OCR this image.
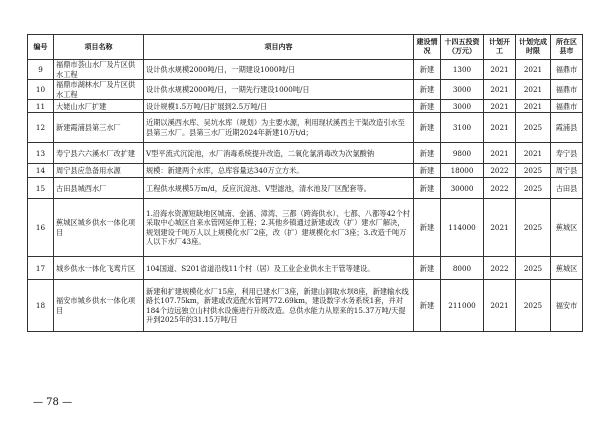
编号	项目名称	项目内容	建设情况	十四五投资（万元）	计划开工	计划完成时限	所在区县市
9	福鼎市荟山水厂及片区供水工程	设计供水规模2000吨/日，一期建设1000吨/日	新建	1300	2021	2021	福鼎市
10	福鼎市湖林水厂及片区供水工程	设计供水规模2000吨/日，一期先行建设1000吨/日	新建	3000	2021	2021	福鼎市
11	大姥山水厂扩建	设计规模1.5万吨/日扩展到2.5万吨/日	新建	3000	2021	2021	福鼎市
12	新建霞浦县第三水厂	近期以溪西水库、吴坑水库（规划）为主要水源，利用现状溪西主干渠改造引水至县第三水厂。县第三水厂近期2024年新建10万t/d；	新建	3100	2021	2025	霞浦县
13	寿宁县六六溪水厂改扩建	V型平流式沉淀池，水厂消毒系统提升改造，二氧化氯消毒改为次氯酸钠	新建	9800	2021	2021	寿宁县
14	周宁县应急备用水源	规模：新建两个水库，总库容量达340万立方米。	新建	18000	2022	2025	周宁县
15	古田县城西水厂	工程供水规模5万m/d，反应沉淀池、V型滤池，清水池及厂区配套等。	新建	30000	2022	2025	古田县
16	蕉城区城乡供水一体化项目	1.沿海水资源短缺地区城南、金涵、漳湾、三都（跨海供水）、七都、八都等42个村采取中心城区自来水管网延伸工程；2.其他乡镇通过新建或改（扩）建水厂解决，规划建设千吨万人以上规模化水厂2座，改（扩）建规模化水厂3座；3.改造千吨万人以下水厂43座。	新建	114000	2021	2025	蕉城区
17	城乡供水一体化飞鸾片区	104国道、S201省道沿线11个村（居）及工业企业供水主干管等建设。	新建	8000	2022	2025	蕉城区
18	福安市城乡供水一体化项目	新建和扩建规模化水厂15座，利用已建水厂3座，新建山洞取水坝8座，新建输水线路长107.75km，新建或改造配水管网772.69km，建设数字水务系统1套，并对184个边远独立山村供水设施进行升级改造。总供水能力从原来的15.37万吨/天提升到2025年的31.15万吨/日	新建	211000	2021	2025	福安市
— 78 —
